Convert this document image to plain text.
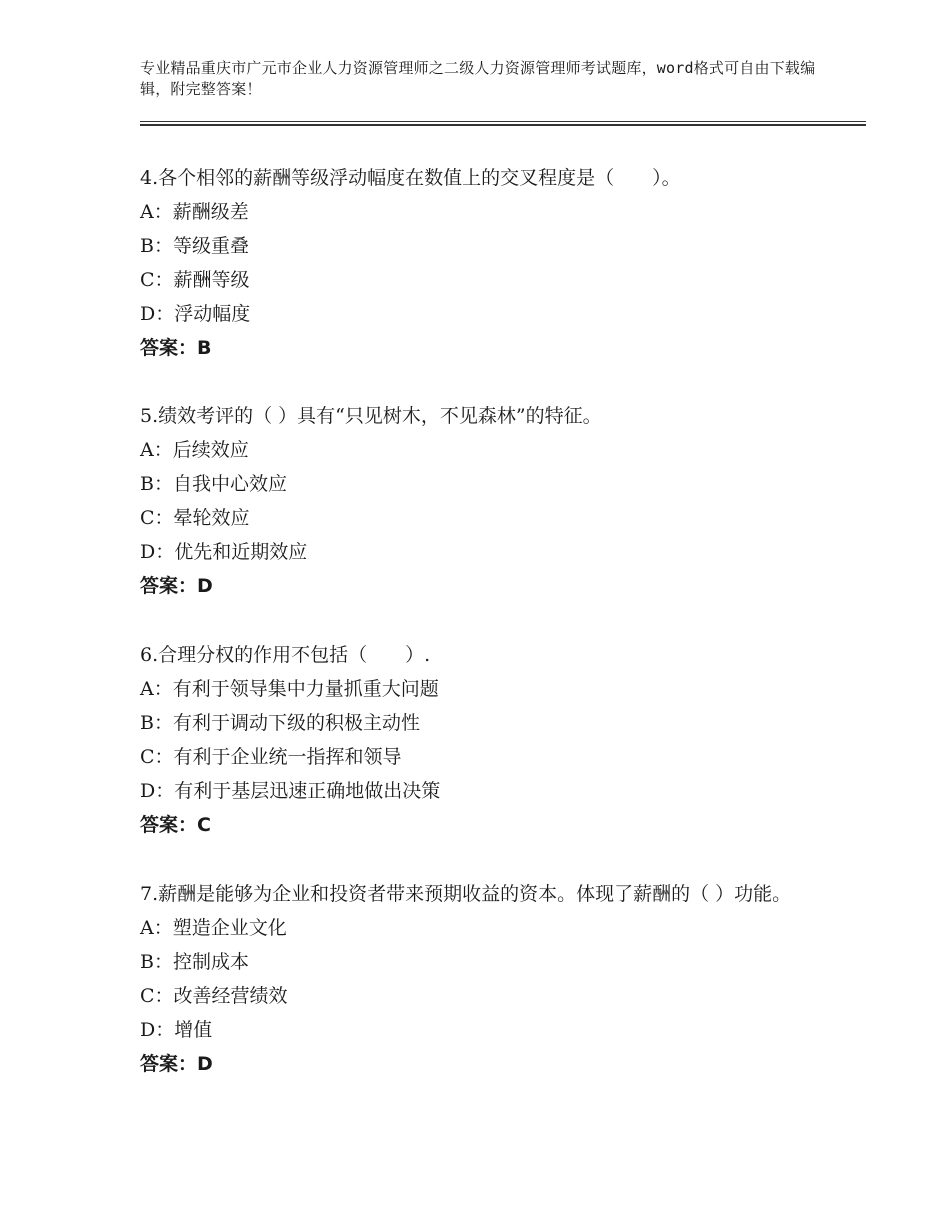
专业精品重庆市广元市企业人力资源管理师之二级人力资源管理师考试题库，word格式可自由下载编辑，附完整答案！

4.各个相邻的薪酬等级浮动幅度在数值上的交叉程度是（　　）。

A：薪酬级差

B：等级重叠

C：薪酬等级

D：浮动幅度

答案：B

5.绩效考评的（ ）具有“只见树木，不见森林”的特征。

A：后续效应

B：自我中心效应

C：晕轮效应

D：优先和近期效应

答案：D

6.合理分权的作用不包括（　　）.

A：有利于领导集中力量抓重大问题

B：有利于调动下级的积极主动性

C：有利于企业统一指挥和领导

D：有利于基层迅速正确地做出决策

答案：C

7.薪酬是能够为企业和投资者带来预期收益的资本。体现了薪酬的（ ）功能。

A：塑造企业文化

B：控制成本

C：改善经营绩效

D：增值

答案：D
